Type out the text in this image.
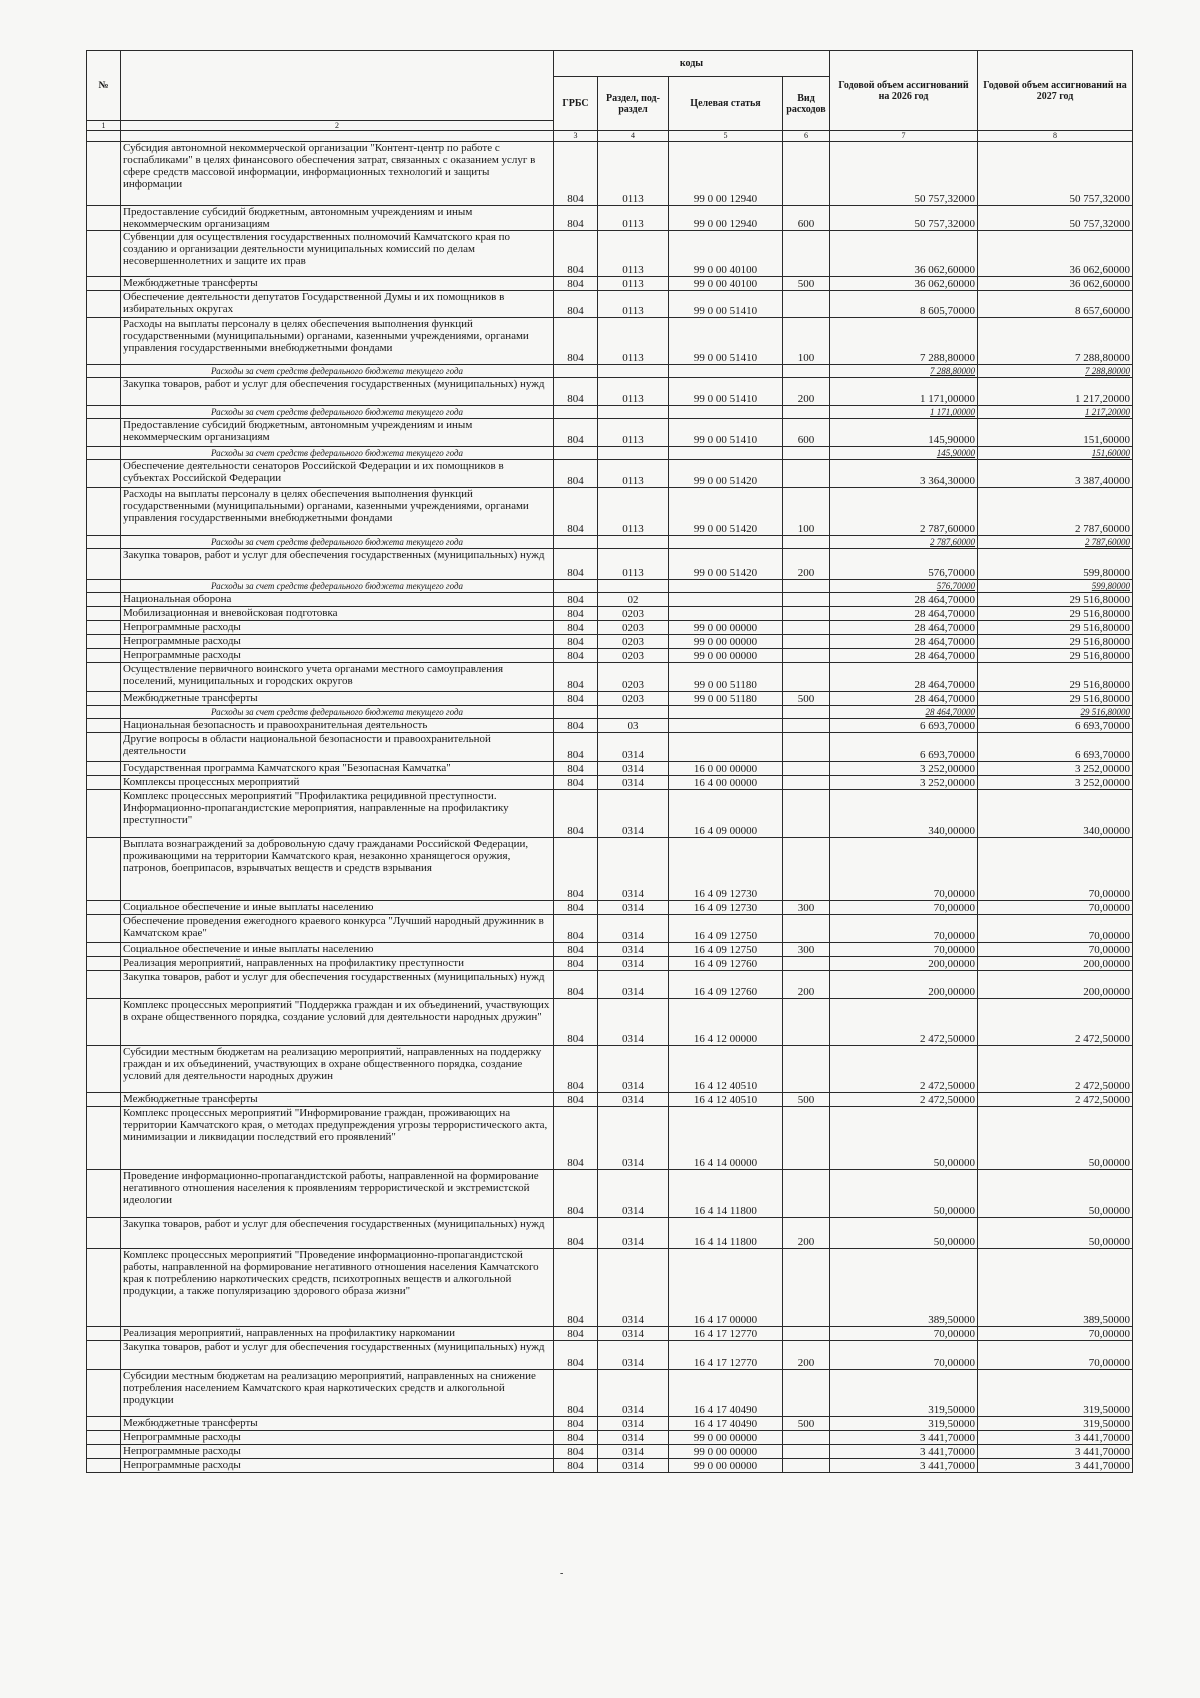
№		коды				Годовой объем ассигнований на 2026 год	Годовой объем ассигнований на 2027 год
		ГРБС	Раздел, под-раздел	Целевая статья	Вид расходов		
1	2						
		3	4	5	6	7	8
	Субсидия автономной некоммерческой организации "Контент-центр по работе с госпабликами" в целях финансового обеспечения затрат, связанных с оказанием услуг в сфере средств массовой информации, информационных технологий и защиты информации	804	0113	99 0 00 12940		50 757,32000	50 757,32000
	Предоставление субсидий бюджетным, автономным учреждениям и иным некоммерческим организациям	804	0113	99 0 00 12940	600	50 757,32000	50 757,32000
	Субвенции для осуществления государственных полномочий Камчатского края по созданию и организации деятельности муниципальных комиссий по делам несовершеннолетних и защите их прав	804	0113	99 0 00 40100		36 062,60000	36 062,60000
	Межбюджетные трансферты	804	0113	99 0 00 40100	500	36 062,60000	36 062,60000
	Обеспечение деятельности депутатов Государственной Думы и их помощников в избирательных округах	804	0113	99 0 00 51410		8 605,70000	8 657,60000
	Расходы на выплаты персоналу в целях обеспечения выполнения функций государственными (муниципальными) органами, казенными учреждениями, органами управления государственными внебюджетными фондами	804	0113	99 0 00 51410	100	7 288,80000	7 288,80000
	Расходы за счет средств федерального бюджета текущего года					7 288,80000	7 288,80000
	Закупка товаров, работ и услуг для обеспечения государственных (муниципальных) нужд	804	0113	99 0 00 51410	200	1 171,00000	1 217,20000
	Расходы за счет средств федерального бюджета текущего года					1 171,00000	1 217,20000
	Предоставление субсидий бюджетным, автономным учреждениям и иным некоммерческим организациям	804	0113	99 0 00 51410	600	145,90000	151,60000
	Расходы за счет средств федерального бюджета текущего года					145,90000	151,60000
	Обеспечение деятельности сенаторов Российской Федерации и их помощников в субъектах Российской Федерации	804	0113	99 0 00 51420		3 364,30000	3 387,40000
	Расходы на выплаты персоналу в целях обеспечения выполнения функций государственными (муниципальными) органами, казенными учреждениями, органами управления государственными внебюджетными фондами	804	0113	99 0 00 51420	100	2 787,60000	2 787,60000
	Расходы за счет средств федерального бюджета текущего года					2 787,60000	2 787,60000
	Закупка товаров, работ и услуг для обеспечения государственных (муниципальных) нужд	804	0113	99 0 00 51420	200	576,70000	599,80000
	Расходы за счет средств федерального бюджета текущего года					576,70000	599,80000
	Национальная оборона	804	02			28 464,70000	29 516,80000
	Мобилизационная и вневойсковая подготовка	804	0203			28 464,70000	29 516,80000
	Непрограммные расходы	804	0203	99 0 00 00000		28 464,70000	29 516,80000
	Непрограммные расходы	804	0203	99 0 00 00000		28 464,70000	29 516,80000
	Непрограммные расходы	804	0203	99 0 00 00000		28 464,70000	29 516,80000
	Осуществление первичного воинского учета органами местного самоуправления поселений, муниципальных и городских округов	804	0203	99 0 00 51180		28 464,70000	29 516,80000
	Межбюджетные трансферты	804	0203	99 0 00 51180	500	28 464,70000	29 516,80000
	Расходы за счет средств федерального бюджета текущего года					28 464,70000	29 516,80000
	Национальная безопасность и правоохранительная деятельность	804	03			6 693,70000	6 693,70000
	Другие вопросы в области национальной безопасности и правоохранительной деятельности	804	0314			6 693,70000	6 693,70000
	Государственная программа Камчатского края "Безопасная Камчатка"	804	0314	16 0 00 00000		3 252,00000	3 252,00000
	Комплексы процессных мероприятий	804	0314	16 4 00 00000		3 252,00000	3 252,00000
	Комплекс процессных мероприятий "Профилактика рецидивной преступности. Информационно-пропагандистские мероприятия, направленные на профилактику преступности"	804	0314	16 4 09 00000		340,00000	340,00000
	Выплата вознаграждений за добровольную сдачу гражданами Российской Федерации, проживающими на территории Камчатского края, незаконно хранящегося оружия, патронов, боеприпасов, взрывчатых веществ и средств взрывания	804	0314	16 4 09 12730		70,00000	70,00000
	Социальное обеспечение и иные выплаты населению	804	0314	16 4 09 12730	300	70,00000	70,00000
	Обеспечение проведения ежегодного краевого конкурса "Лучший народный дружинник в Камчатском крае"	804	0314	16 4 09 12750		70,00000	70,00000
	Социальное обеспечение и иные выплаты населению	804	0314	16 4 09 12750	300	70,00000	70,00000
	Реализация мероприятий, направленных на профилактику преступности	804	0314	16 4 09 12760		200,00000	200,00000
	Закупка товаров, работ и услуг для обеспечения государственных (муниципальных) нужд	804	0314	16 4 09 12760	200	200,00000	200,00000
	Комплекс процессных мероприятий "Поддержка граждан и их объединений, участвующих в охране общественного порядка, создание условий для деятельности народных дружин"	804	0314	16 4 12 00000		2 472,50000	2 472,50000
	Субсидии местным бюджетам на реализацию мероприятий, направленных на поддержку граждан и их объединений, участвующих в охране общественного порядка, создание условий для деятельности народных дружин	804	0314	16 4 12 40510		2 472,50000	2 472,50000
	Межбюджетные трансферты	804	0314	16 4 12 40510	500	2 472,50000	2 472,50000
	Комплекс процессных мероприятий "Информирование граждан, проживающих на территории Камчатского края, о методах предупреждения угрозы террористического акта, минимизации и ликвидации последствий его проявлений"	804	0314	16 4 14 00000		50,00000	50,00000
	Проведение информационно-пропагандистской работы, направленной на формирование негативного отношения населения к проявлениям террористической и экстремистской идеологии	804	0314	16 4 14 11800		50,00000	50,00000
	Закупка товаров, работ и услуг для обеспечения государственных (муниципальных) нужд	804	0314	16 4 14 11800	200	50,00000	50,00000
	Комплекс процессных мероприятий "Проведение информационно-пропагандистской работы, направленной на формирование негативного отношения населения Камчатского края к потреблению наркотических средств, психотропных веществ и алкогольной продукции, а также популяризацию здорового образа жизни"	804	0314	16 4 17 00000		389,50000	389,50000
	Реализация мероприятий, направленных на профилактику наркомании	804	0314	16 4 17 12770		70,00000	70,00000
	Закупка товаров, работ и услуг для обеспечения государственных (муниципальных) нужд	804	0314	16 4 17 12770	200	70,00000	70,00000
	Субсидии местным бюджетам на реализацию мероприятий, направленных на снижение потребления населением Камчатского края наркотических средств и алкогольной продукции	804	0314	16 4 17 40490		319,50000	319,50000
	Межбюджетные трансферты	804	0314	16 4 17 40490	500	319,50000	319,50000
	Непрограммные расходы	804	0314	99 0 00 00000		3 441,70000	3 441,70000
	Непрограммные расходы	804	0314	99 0 00 00000		3 441,70000	3 441,70000
	Непрограммные расходы	804	0314	99 0 00 00000		3 441,70000	3 441,70000
-
